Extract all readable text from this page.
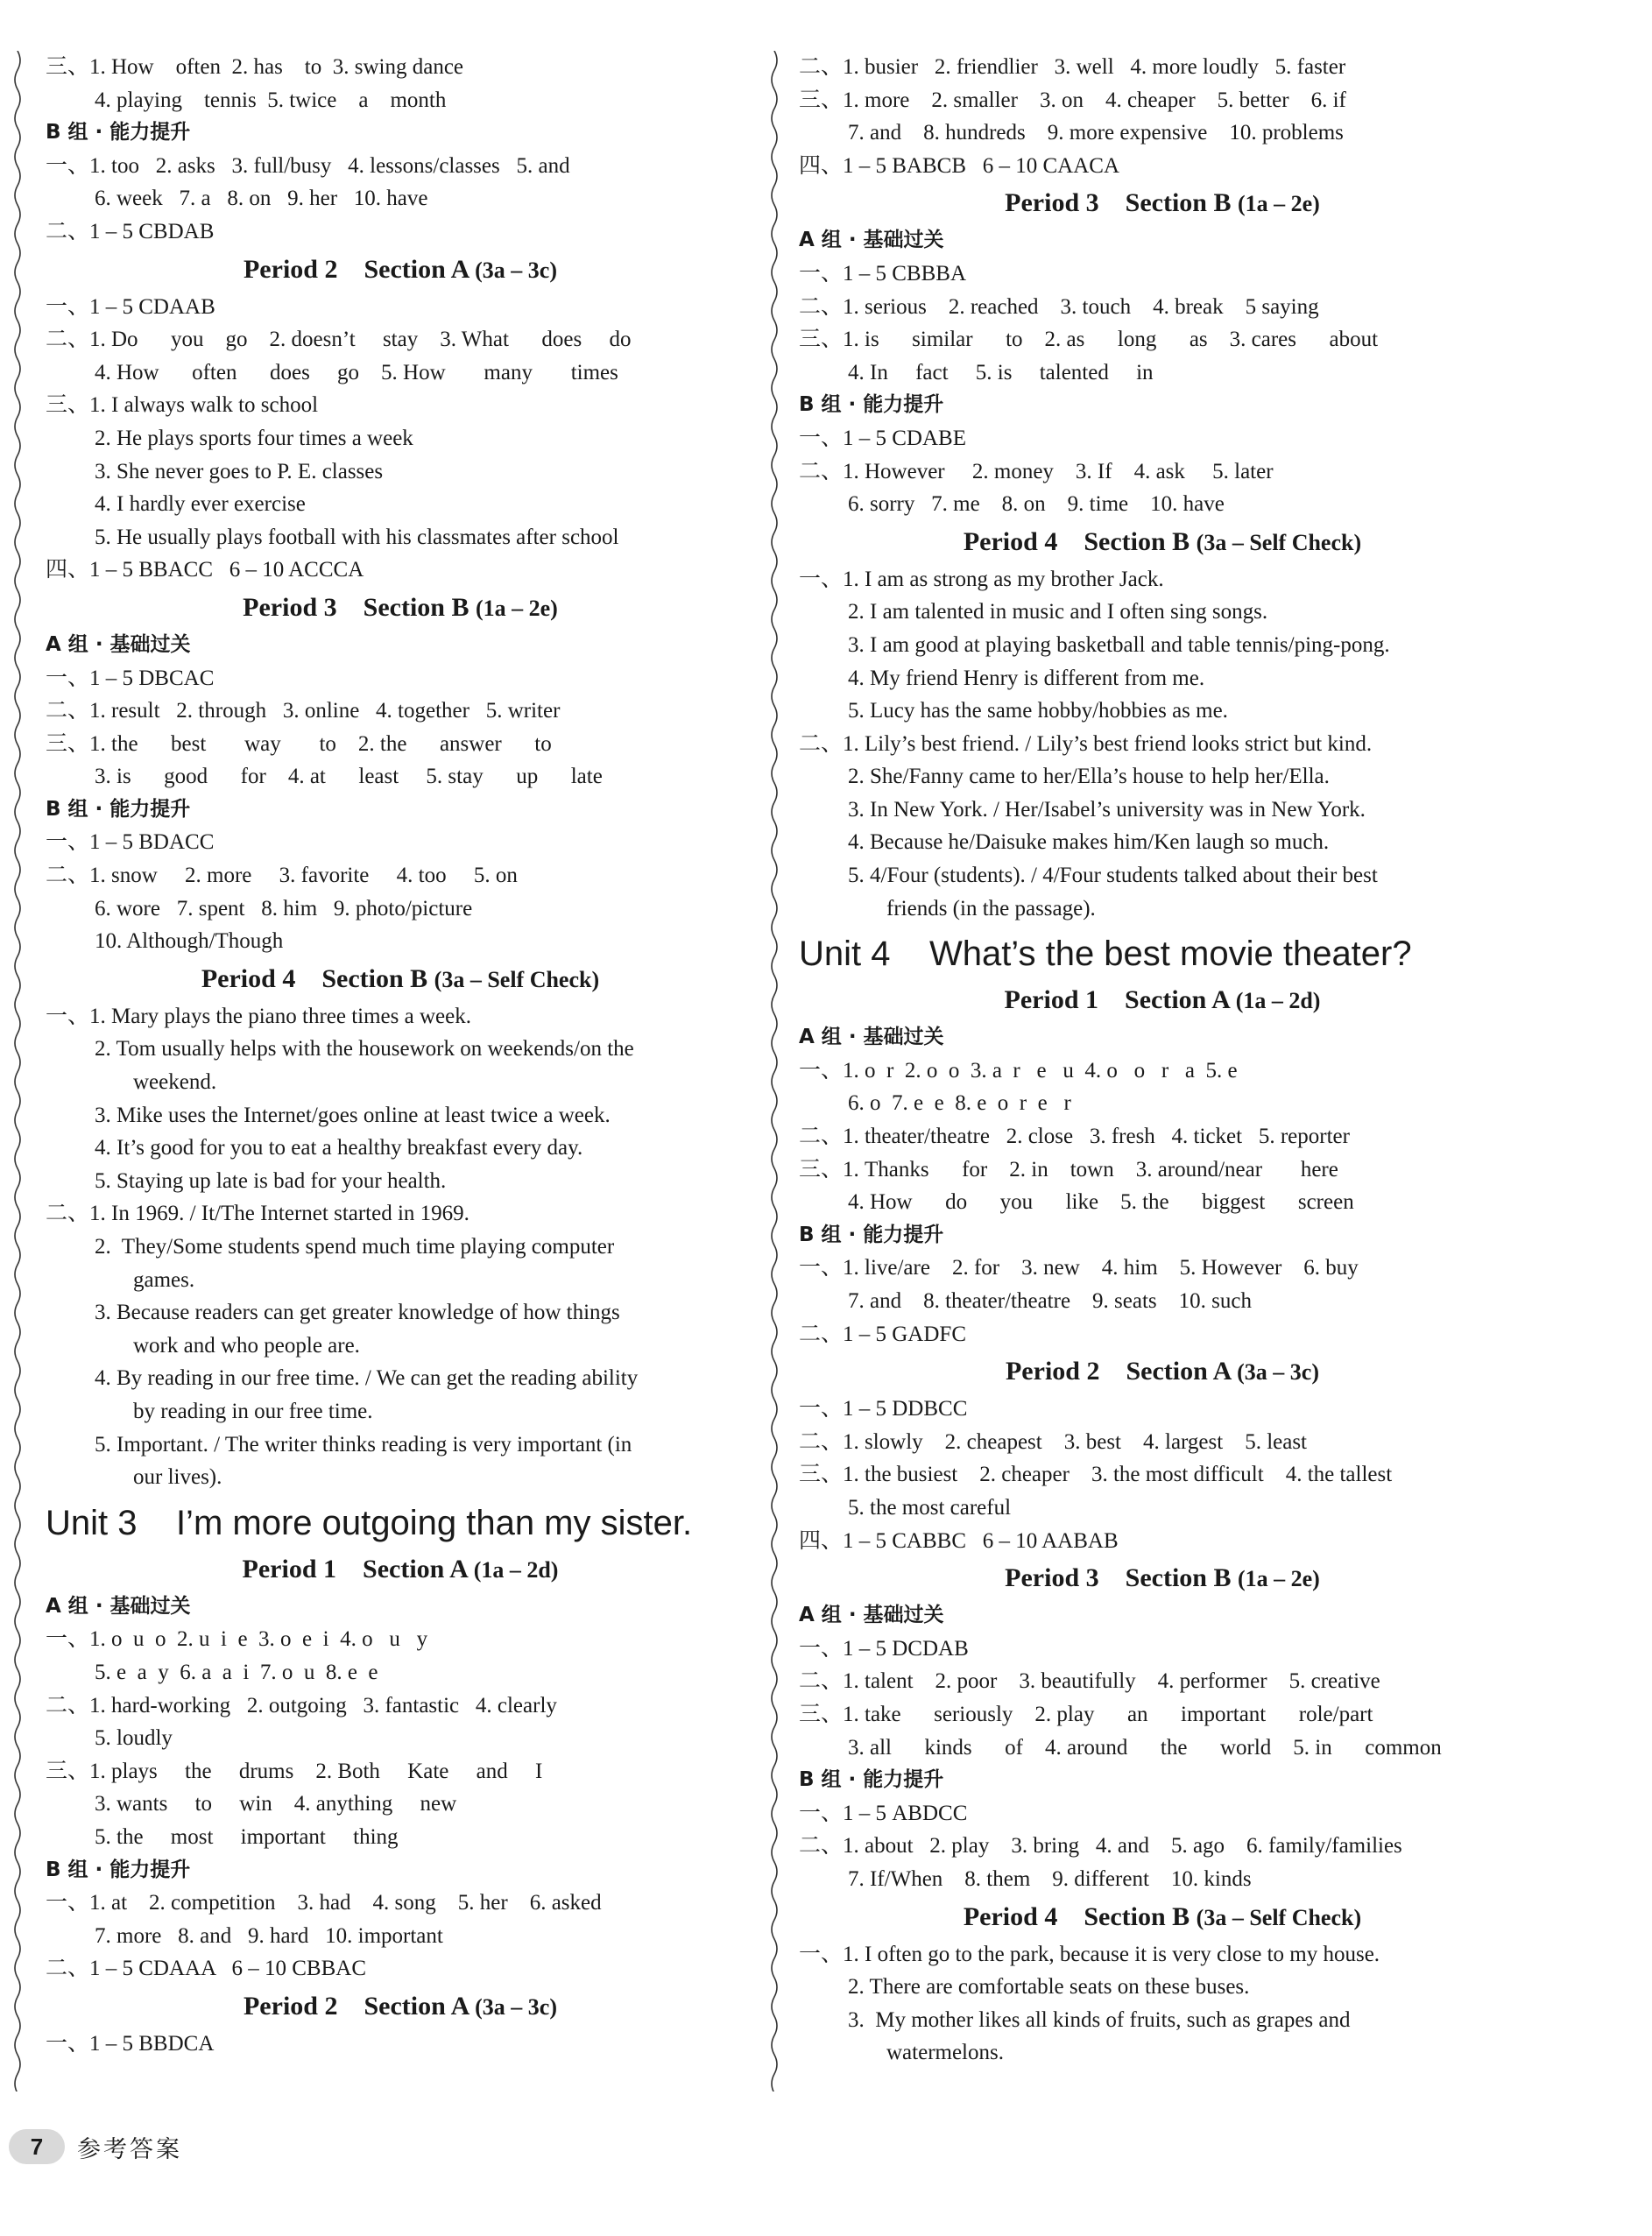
三、1. How    often  2. has    to  3. swing dance
4. playing    tennis  5. twice    a    month
B 组 · 能力提升
一、1. too   2. asks   3. full/busy   4. lessons/classes   5. and
6. week   7. a   8. on   9. her   10. have
二、1 – 5 CBDAB
Period 2    Section A (3a – 3c)
一、1 – 5 CDAAB
二、1. Do      you    go    2. doesn’t     stay    3. What      does     do
4. How      often      does     go    5. How       many       times
三、1. I always walk to school
2. He plays sports four times a week
3. She never goes to P. E. classes
4. I hardly ever exercise
5. He usually plays football with his classmates after school
四、1 – 5 BBACC   6 – 10 ACCCA
Period 3    Section B (1a – 2e)
A 组 · 基础过关
一、1 – 5 DBCAC
二、1. result   2. through   3. online   4. together   5. writer
三、1. the      best       way       to    2. the      answer      to
3. is      good      for    4. at      least     5. stay      up      late
B 组 · 能力提升
一、1 – 5 BDACC
二、1. snow     2. more     3. favorite     4. too     5. on
6. wore   7. spent   8. him   9. photo/picture
10. Although/Though
Period 4    Section B (3a – Self Check)
一、1. Mary plays the piano three times a week.
2. Tom usually helps with the housework on weekends/on the
weekend.
3. Mike uses the Internet/goes online at least twice a week.
4. It’s good for you to eat a healthy breakfast every day.
5. Staying up late is bad for your health.
二、1. In 1969. / It/The Internet started in 1969.
2.  They/Some students spend much time playing computer
games.
3. Because readers can get greater knowledge of how things
work and who people are.
4. By reading in our free time. / We can get the reading ability
by reading in our free time.
5. Important. / The writer thinks reading is very important (in
our lives).
Unit 3    I’m more outgoing than my sister.
Period 1    Section A (1a – 2d)
A 组 · 基础过关
一、1. o  u  o  2. u  i  e  3. o  e  i  4. o   u   y
5. e  a  y  6. a  a  i  7. o  u  8. e  e
二、1. hard-working   2. outgoing   3. fantastic   4. clearly
5. loudly
三、1. plays     the     drums    2. Both     Kate     and     I
3. wants     to     win    4. anything     new
5. the     most     important     thing
B 组 · 能力提升
一、1. at    2. competition    3. had    4. song    5. her    6. asked
7. more   8. and   9. hard   10. important
二、1 – 5 CDAAA   6 – 10 CBBAC
Period 2    Section A (3a – 3c)
一、1 – 5 BBDCA
二、1. busier   2. friendlier   3. well   4. more loudly   5. faster
三、1. more    2. smaller    3. on    4. cheaper    5. better    6. if
7. and    8. hundreds    9. more expensive    10. problems
四、1 – 5 BABCB   6 – 10 CAACA
Period 3    Section B (1a – 2e)
A 组 · 基础过关
一、1 – 5 CBBBA
二、1. serious    2. reached    3. touch    4. break    5 saying
三、1. is      similar      to    2. as      long      as    3. cares      about
4. In     fact     5. is     talented     in
B 组 · 能力提升
一、1 – 5 CDABE
二、1. However     2. money    3. If    4. ask     5. later
6. sorry   7. me    8. on    9. time    10. have
Period 4    Section B (3a – Self Check)
一、1. I am as strong as my brother Jack.
2. I am talented in music and I often sing songs.
3. I am good at playing basketball and table tennis/ping-pong.
4. My friend Henry is different from me.
5. Lucy has the same hobby/hobbies as me.
二、1. Lily’s best friend. / Lily’s best friend looks strict but kind.
2. She/Fanny came to her/Ella’s house to help her/Ella.
3. In New York. / Her/Isabel’s university was in New York.
4. Because he/Daisuke makes him/Ken laugh so much.
5. 4/Four (students). / 4/Four students talked about their best
friends (in the passage).
Unit 4    What’s the best movie theater?
Period 1    Section A (1a – 2d)
A 组 · 基础过关
一、1. o  r  2. o  o  3. a  r   e   u  4. o   o   r   a  5. e
6. o  7. e  e  8. e  o  r  e   r
二、1. theater/theatre   2. close   3. fresh   4. ticket   5. reporter
三、1. Thanks      for    2. in    town    3. around/near       here
4. How      do      you      like    5. the      biggest      screen
B 组 · 能力提升
一、1. live/are    2. for    3. new    4. him    5. However    6. buy
7. and    8. theater/theatre    9. seats    10. such
二、1 – 5 GADFC
Period 2    Section A (3a – 3c)
一、1 – 5 DDBCC
二、1. slowly    2. cheapest    3. best    4. largest    5. least
三、1. the busiest    2. cheaper    3. the most difficult    4. the tallest
5. the most careful
四、1 – 5 CABBC   6 – 10 AABAB
Period 3    Section B (1a – 2e)
A 组 · 基础过关
一、1 – 5 DCDAB
二、1. talent    2. poor    3. beautifully    4. performer    5. creative
三、1. take      seriously    2. play      an      important      role/part
3. all      kinds      of    4. around      the      world    5. in      common
B 组 · 能力提升
一、1 – 5 ABDCC
二、1. about   2. play    3. bring   4. and    5. ago    6. family/families
7. If/When    8. them    9. different    10. kinds
Period 4    Section B (3a – Self Check)
一、1. I often go to the park, because it is very close to my house.
2. There are comfortable seats on these buses.
3.  My mother likes all kinds of fruits, such as grapes and
watermelons.
7	参考答案
